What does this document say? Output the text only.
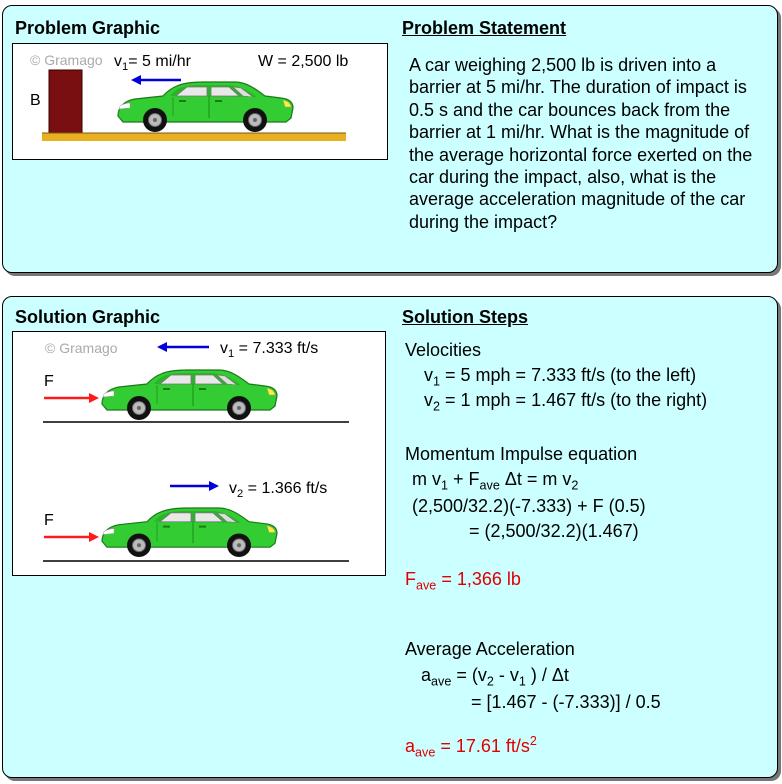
Problem Graphic	Problem Statement
© Gramago $v_1= 5$ mi/hr	W = 2,500 lb
B
A car weighing 2,500 lb is driven into a barrier at 5 mi/hr. The duration of impact is 0.5 s and the car bounces back from the barrier at 1 mi/hr. What is the magnitude of the average horizontal force exerted on the car during the impact, also, what is the average acceleration magnitude of the car during the impact?
Solution Graphic	Solution Steps
© Gramago	$v_1 = 7.333$ ft/s
$v_2 = 1.366$ ft/s
F
F
Velocities
$v_1 = 5$ mph = 7.333 ft/s (to the left)
$v_2 = 1$ mph = 1.467 ft/s (to the right)
Momentum Impulse equation
m $v_1 + F_{ave}$ Δt = m $v_2$
(2,500/32.2)(-7.333) + F (0.5)
= (2,500/32.2)(1.467)
$F_{ave} = 1,366$ lb
Average Acceleration
$a_{ave} = (v_2 - v_1$ ) / Δt
= [1.467 - (-7.333)] / 0.5
$a_{ave} = 17.61$ $ft/s^2$
